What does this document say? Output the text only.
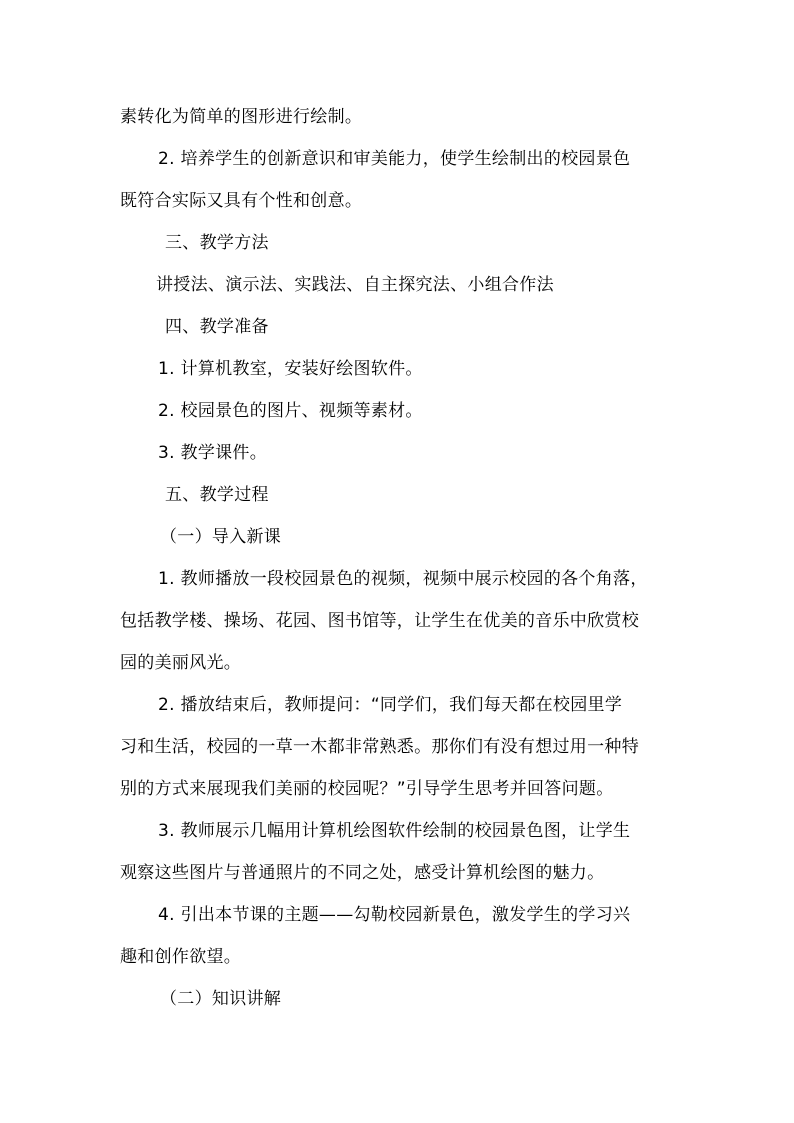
素转化为简单的图形进行绘制。
2. 培养学生的创新意识和审美能力，使学生绘制出的校园景色
既符合实际又具有个性和创意。
三、教学方法
讲授法、演示法、实践法、自主探究法、小组合作法
四、教学准备
1. 计算机教室，安装好绘图软件。
2. 校园景色的图片、视频等素材。
3. 教学课件。
五、教学过程
（一）导入新课
1. 教师播放一段校园景色的视频，视频中展示校园的各个角落，
包括教学楼、操场、花园、图书馆等，让学生在优美的音乐中欣赏校
园的美丽风光。
2. 播放结束后，教师提问：“同学们，我们每天都在校园里学
习和生活，校园的一草一木都非常熟悉。那你们有没有想过用一种特
别的方式来展现我们美丽的校园呢？”引导学生思考并回答问题。
3. 教师展示几幅用计算机绘图软件绘制的校园景色图，让学生
观察这些图片与普通照片的不同之处，感受计算机绘图的魅力。
4. 引出本节课的主题——勾勒校园新景色，激发学生的学习兴
趣和创作欲望。
（二）知识讲解
